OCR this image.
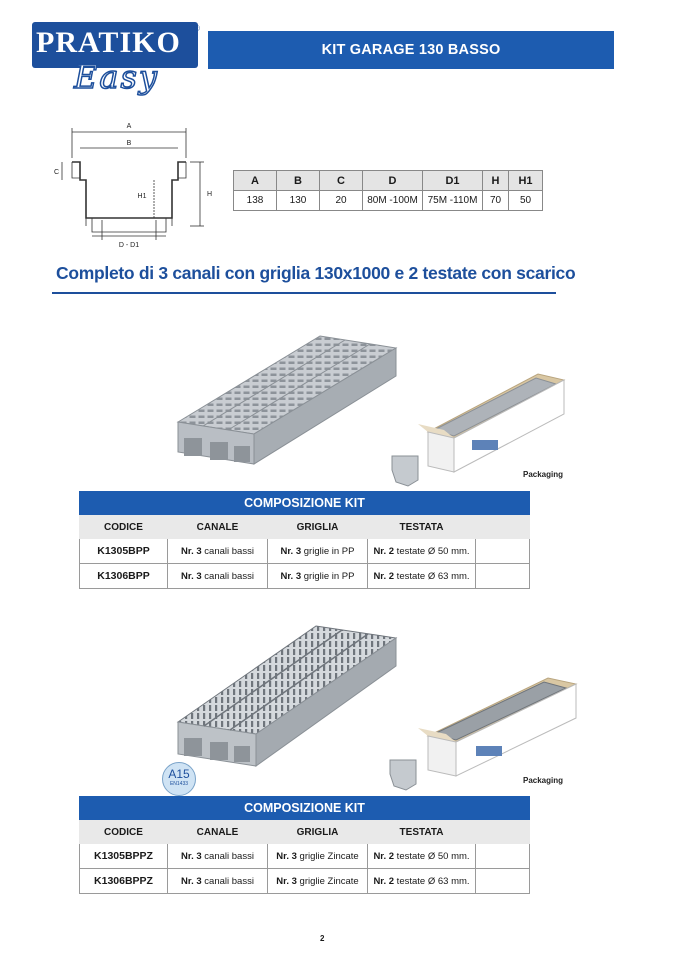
PRATIKO ®
Easy
KIT GARAGE 130 BASSO
A
B
C
H
H1
D - D1
A	B	C	D	D1	H	H1
138	130	20	80M -100M	75M -110M	70	50
Completo di 3 canali con griglia 130x1000 e 2 testate con scarico
Packaging
COMPOSIZIONE KIT
CODICE	CANALE	GRIGLIA	TESTATA	
K1305BPP	Nr. 3 canali bassi	Nr. 3 griglie in PP	Nr. 2 testate Ø 50 mm.	
K1306BPP	Nr. 3 canali bassi	Nr. 3 griglie in PP	Nr. 2 testate Ø 63 mm.	
A15
EN1433	Packaging
COMPOSIZIONE KIT
CODICE	CANALE	GRIGLIA	TESTATA	
K1305BPPZ	Nr. 3 canali bassi	Nr. 3 griglie Zincate	Nr. 2 testate Ø 50 mm.	
K1306BPPZ	Nr. 3 canali bassi	Nr. 3 griglie Zincate	Nr. 2 testate Ø 63 mm.	
2
